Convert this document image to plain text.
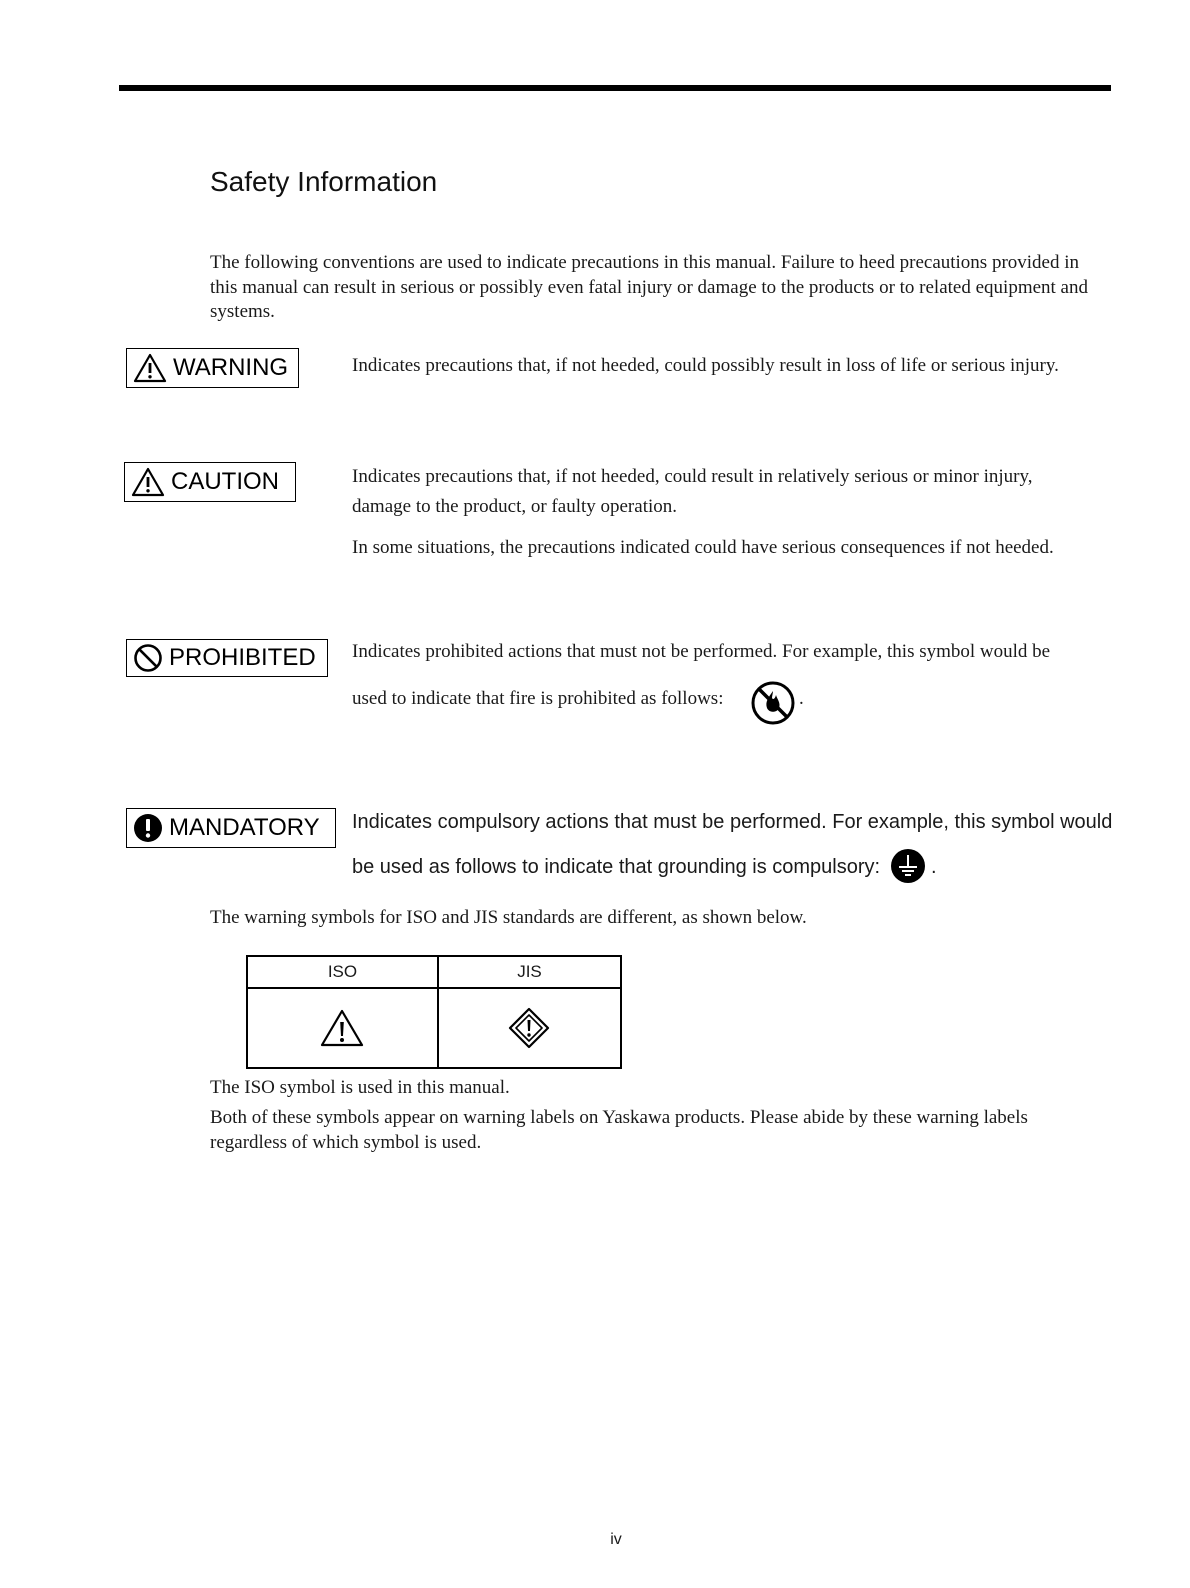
Safety Information
The following conventions are used to indicate precautions in this manual. Failure to heed precautions provided in this manual can result in serious or possibly even fatal injury or damage to the products or to related equipment and systems.
WARNING	Indicates precautions that, if not heeded, could possibly result in loss of life or serious injury.
CAUTION	Indicates precautions that, if not heeded, could result in relatively serious or minor injury, damage to the product, or faulty operation.
In some situations, the precautions indicated could have serious consequences if not heeded.
PROHIBITED Indicates prohibited actions that must not be performed. For example, this symbol would be
used to indicate that fire is prohibited as follows:	.
MANDATORY Indicates compulsory actions that must be performed. For example, this symbol would
be used as follows to indicate that grounding is compulsory:	.
The warning symbols for ISO and JIS standards are different, as shown below.
ISO	JIS

The ISO symbol is used in this manual.
Both of these symbols appear on warning labels on Yaskawa products. Please abide by these warning labels regardless of which symbol is used.
iv
